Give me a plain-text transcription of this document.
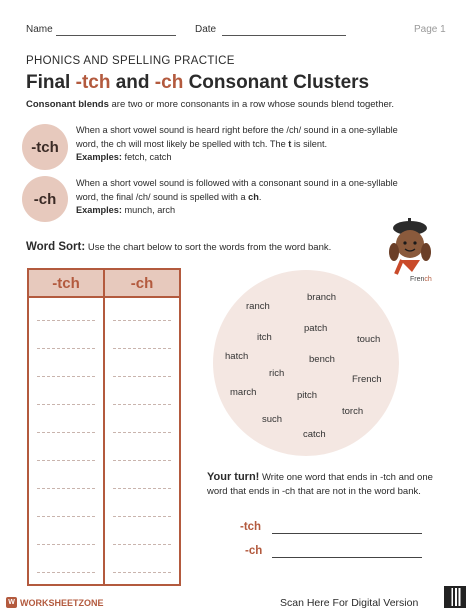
Name	Date	Page 1
PHONICS AND SPELLING PRACTICE
Final -tch and -ch Consonant Clusters
Consonant blends are two or more consonants in a row whose sounds blend together.
-tch
When a short vowel sound is heard right before the /ch/ sound in a one-syllable word, the ch will most likely be spelled with tch. The t is silent.
Examples: fetch, catch
-ch
When a short vowel sound is followed with a consonant sound in a one-syllable word, the final /ch/ sound is spelled with a ch.
Examples: munch, arch
Word Sort: Use the chart below to sort the words from the word bank.
French
-tch	-ch
ranch
branch
itch
patch
touch
hatch	bench
rich
French
march	pitch
torch
such
catch
Your turn! Write one word that ends in -tch and one word that ends in -ch that are not in the word bank.
-tch
-ch
W WORKSHEETZONE	Scan Here For Digital Version
